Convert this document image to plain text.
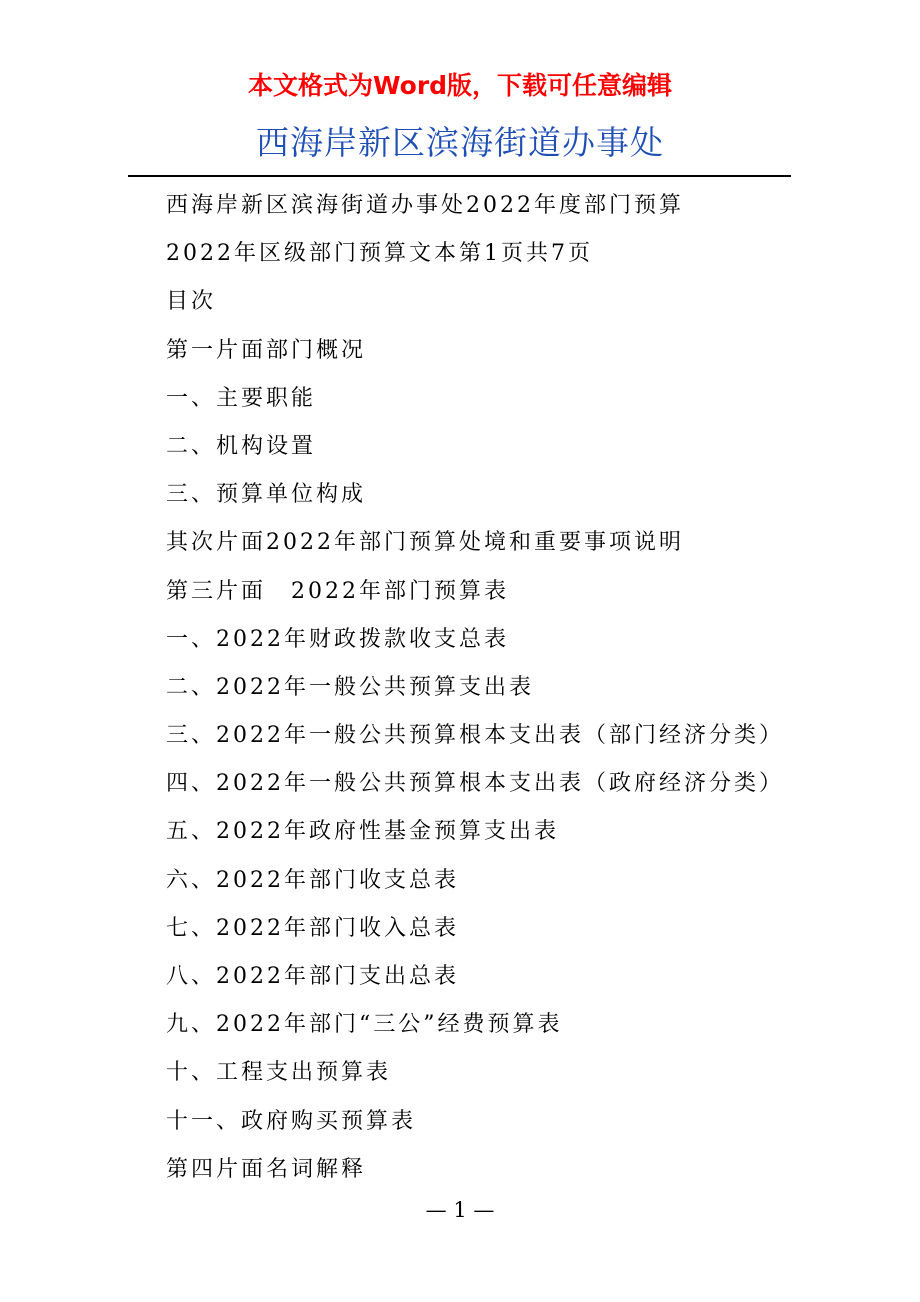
本文格式为Word版，下载可任意编辑
西海岸新区滨海街道办事处
西海岸新区滨海街道办事处2022年度部门预算
2022年区级部门预算文本第1页共7页
目次
第一片面部门概况
一、主要职能
二、机构设置
三、预算单位构成
其次片面2022年部门预算处境和重要事项说明
第三片面　2022年部门预算表
一、2022年财政拨款收支总表
二、2022年一般公共预算支出表
三、2022年一般公共预算根本支出表（部门经济分类）
四、2022年一般公共预算根本支出表（政府经济分类）
五、2022年政府性基金预算支出表
六、2022年部门收支总表
七、2022年部门收入总表
八、2022年部门支出总表
九、2022年部门“三公”经费预算表
十、工程支出预算表
十一、政府购买预算表
第四片面名词解释
— 1 —
